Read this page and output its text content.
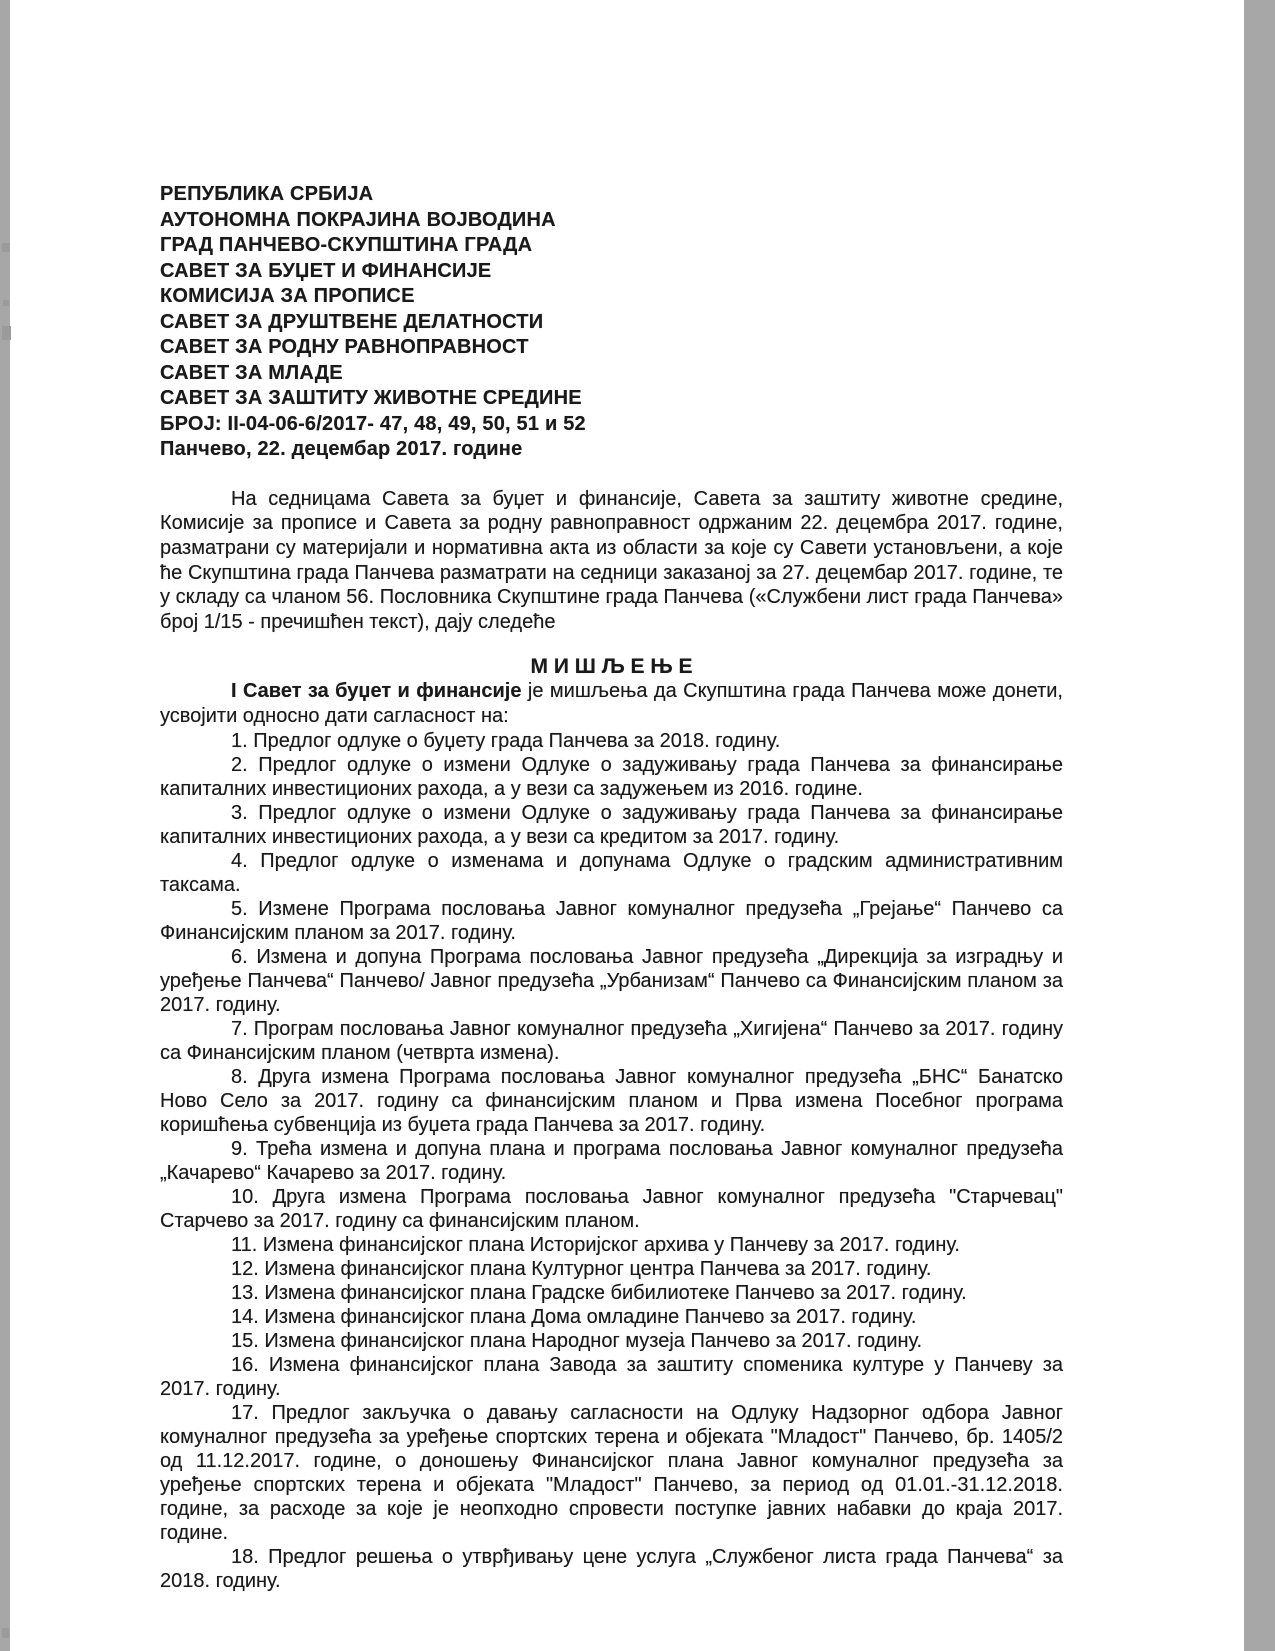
РЕПУБЛИКА СРБИЈА
АУТОНОМНА ПОКРАЈИНА ВОЈВОДИНА
ГРАД ПАНЧЕВО-СКУПШТИНА ГРАДА
САВЕТ ЗА БУЏЕТ И ФИНАНСИЈЕ
КОМИСИЈА ЗА ПРОПИСЕ
САВЕТ ЗА ДРУШТВЕНЕ ДЕЛАТНОСТИ
САВЕТ ЗА РОДНУ РАВНОПРАВНОСТ
САВЕТ ЗА МЛАДЕ
САВЕТ ЗА ЗАШТИТУ ЖИВОТНЕ СРЕДИНЕ
БРОЈ: II-04-06-6/2017- 47, 48, 49, 50, 51 и 52
Панчево, 22. децембар 2017. године

На седницама Савета за буџет и финансије, Савета за заштиту животне средине, Комисије за прописе и Савета за родну равноправност одржаним 22. децембра 2017. године, разматрани су материјали и нормативна акта из области за које су Савети установљени, а које ће Скупштина града Панчева разматрати на седници заказаној за 27. децембар 2017. године, те у складу са чланом 56. Пословника Скупштине града Панчева («Службени лист града Панчева» број 1/15 - пречишћен текст), дају следеће

М И Ш Љ Е Њ Е

I Савет за буџет и финансије је мишљења да Скупштина града Панчева може донети, усвојити односно дати сагласност на:

1. Предлог одлуке о буџету града Панчева за 2018. годину.

2. Предлог одлуке о измени Одлуке о задуживању града Панчева за финансирање капиталних инвестиционих рахода, а у вези са задужењем из 2016. године.

3. Предлог одлуке о измени Одлуке о задуживању града Панчева за финансирање капиталних инвестиционих рахода, а у вези са кредитом за 2017. годину.

4. Предлог одлуке о изменама и допунама Одлуке о градским административним таксама.

5. Измене Програма пословања Јавног комуналног предузећа „Грејање“ Панчево са Финансијским планом за 2017. годину.

6. Измена и допуна Програма пословања Јавног предузећа „Дирекција за изградњу и уређење Панчева“ Панчево/ Јавног предузећа „Урбанизам“ Панчево са Финансијским планом за 2017. годину.

7. Програм пословања Јавног комуналног предузећа „Хигијена“ Панчево за 2017. годину са Финансијским планом (четврта измена).

8. Друга измена Програма пословања Јавног комуналног предузећа „БНС“ Банатско Ново Село за 2017. годину са финансијским планом и Прва измена Посебног програма коришћења субвенција из буџета града Панчева за 2017. годину.

9. Трећа измена и допуна плана и програма пословања Јавног комуналног предузећа „Качарево“ Качарево за 2017. годину.

10. Друга измена Програма пословања Јавног комуналног предузећа "Старчевац" Старчево за 2017. годину са финансијским планом.

11. Измена финансијског плана Историјског архива у Панчеву за 2017. годину.

12. Измена финансијског плана Културног центра Панчева за 2017. годину.

13. Измена финансијског плана Градске бибилиотеке Панчево за 2017. годину.

14. Измена финансијског плана Дома омладине Панчево за 2017. годину.

15. Измена финансијског плана Народног музеја Панчево за 2017. годину.

16. Измена финансијског плана Завода за заштиту споменика културе у Панчеву за 2017. годину.

17. Предлог закључка о давању сагласности на Одлуку Надзорног одбора Јавног комуналног предузећа за уређење спортских терена и објеката "Младост" Панчево, бр. 1405/2 од 11.12.2017. године, о доношењу Финансијског плана Јавног комуналног предузећа за уређење спортских терена и објеката "Младост" Панчево, за период од 01.01.-31.12.2018. године, за расходе за које је неопходно спровести поступке јавних набавки до краја 2017. године.

18. Предлог решења о утврђивању цене услуга „Службеног листа града Панчева“ за 2018. годину.
